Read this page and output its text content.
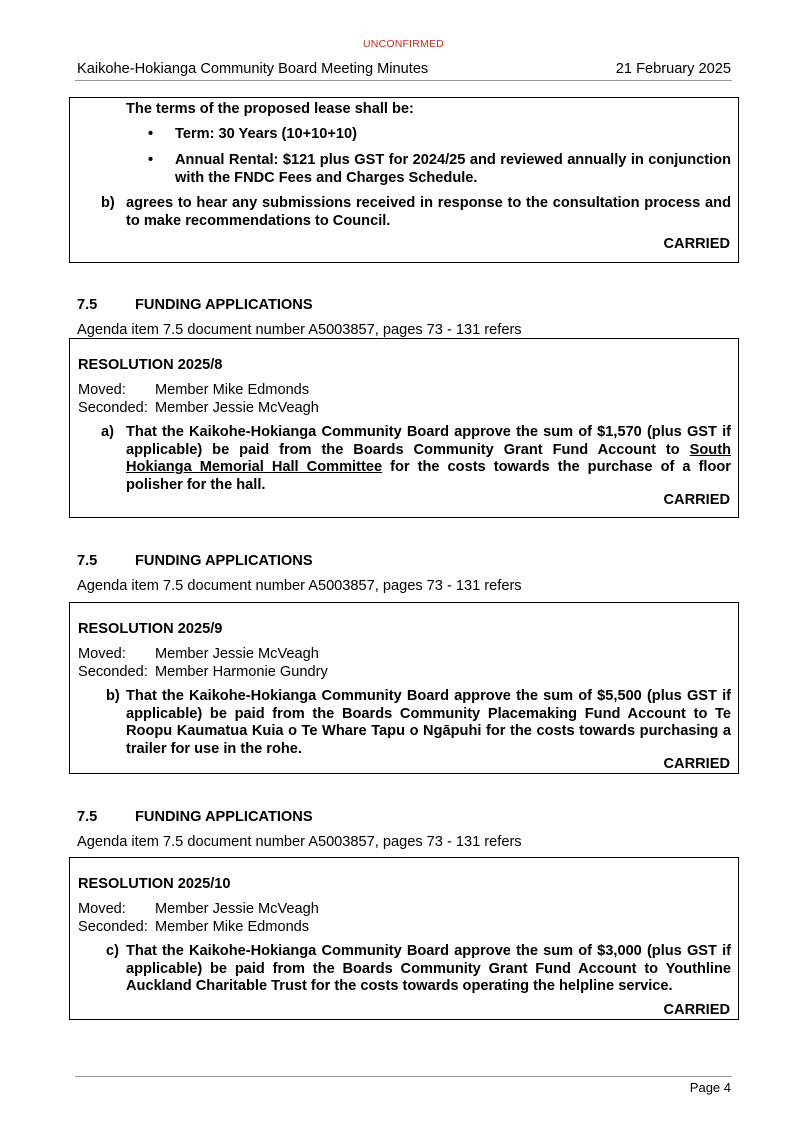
UNCONFIRMED
Kaikohe-Hokianga Community Board Meeting Minutes	21 February 2025
The terms of the proposed lease shall be:
• Term: 30 Years (10+10+10)
• Annual Rental: $121 plus GST for 2024/25 and reviewed annually in conjunction with the FNDC Fees and Charges Schedule.
b) agrees to hear any submissions received in response to the consultation process and to make recommendations to Council.
CARRIED
7.5	FUNDING APPLICATIONS
Agenda item 7.5 document number A5003857, pages 73 - 131 refers
RESOLUTION 2025/8
Moved: Member Mike Edmonds
Seconded: Member Jessie McVeagh
a) That the Kaikohe-Hokianga Community Board approve the sum of $1,570 (plus GST if applicable) be paid from the Boards Community Grant Fund Account to South Hokianga Memorial Hall Committee for the costs towards the purchase of a floor polisher for the hall.
CARRIED
7.5	FUNDING APPLICATIONS
Agenda item 7.5 document number A5003857, pages 73 - 131 refers
RESOLUTION 2025/9
Moved: Member Jessie McVeagh
Seconded: Member Harmonie Gundry
b) That the Kaikohe-Hokianga Community Board approve the sum of $5,500 (plus GST if applicable) be paid from the Boards Community Placemaking Fund Account to Te Roopu Kaumatua Kuia o Te Whare Tapu o Ngāpuhi for the costs towards purchasing a trailer for use in the rohe.
CARRIED
7.5	FUNDING APPLICATIONS
Agenda item 7.5 document number A5003857, pages 73 - 131 refers
RESOLUTION 2025/10
Moved: Member Jessie McVeagh
Seconded: Member Mike Edmonds
c) That the Kaikohe-Hokianga Community Board approve the sum of $3,000 (plus GST if applicable) be paid from the Boards Community Grant Fund Account to Youthline Auckland Charitable Trust for the costs towards operating the helpline service.
CARRIED
Page 4
